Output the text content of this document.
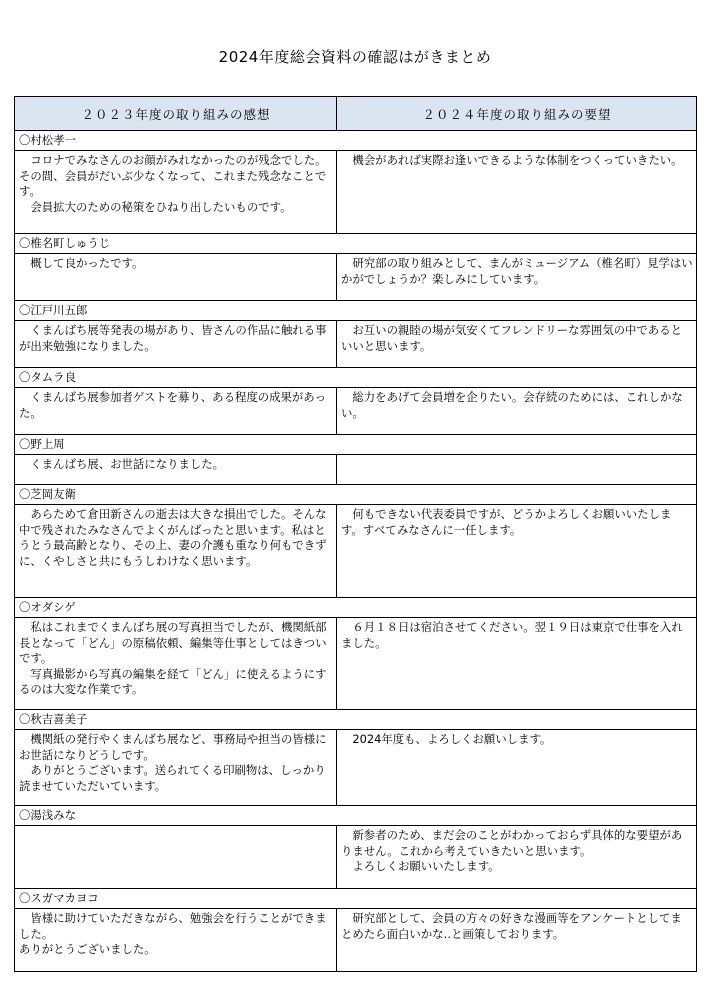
2024年度総会資料の確認はがきまとめ
２０２３年度の取り組みの感想	２０２４年度の取り組みの要望
〇村松孝一	
　コロナでみなさんのお顔がみれなかったのが残念でした。その間、会員がだいぶ少なくなって、これまた残念なことです。
　会員拡大のための秘策をひねり出したいものです。	　機会があれば実際お逢いできるような体制をつくっていきたい。
〇椎名町しゅうじ	
　概して良かったです。	　研究部の取り組みとして、まんがミュージアム（椎名町）見学はいかがでしょうか？楽しみにしています。
〇江戸川五郎	
　くまんばち展等発表の場があり、皆さんの作品に触れる事が出来勉強になりました。	　お互いの親睦の場が気安くてフレンドリーな雰囲気の中であるといいと思います。
〇タムラ良	
　くまんばち展参加者ゲストを募り、ある程度の成果があった。	　総力をあげて会員増を企りたい。会存続のためには、これしかない。
〇野上周	
　くまんばち展、お世話になりました。	
〇芝岡友衛	
　あらためて倉田新さんの逝去は大きな損出でした。そんな中で残されたみなさんでよくがんばったと思います。私はとうとう最高齢となり、その上、妻の介護も重なり何もできずに、くやしさと共にもうしわけなく思います。	　何もできない代表委員ですが、どうかよろしくお願いいたします。すべてみなさんに一任します。
〇オダシゲ	
　私はこれまでくまんばち展の写真担当でしたが、機関紙部長となって「どん」の原稿依頼、編集等仕事としてはきついです。
　写真撮影から写真の編集を経て「どん」に使えるようにするのは大変な作業です。	　６月１８日は宿泊させてください。翌１９日は東京で仕事を入れました。
〇秋吉喜美子	
　機関紙の発行やくまんばち展など、事務局や担当の皆様にお世話になりどうしです。
　ありがとうございます。送られてくる印刷物は、しっかり読ませていただいています。	　2024年度も、よろしくお願いします。
〇湯浅みな	
	　新参者のため、まだ会のことがわかっておらず具体的な要望がありません。これから考えていきたいと思います。
　よろしくお願いいたします。
〇スガマカヨコ	
　皆様に助けていただきながら、勉強会を行うことができました。
ありがとうございました。	　研究部として、会員の方々の好きな漫画等をアンケートとしてまとめたら面白いかな‥と画策しております。
